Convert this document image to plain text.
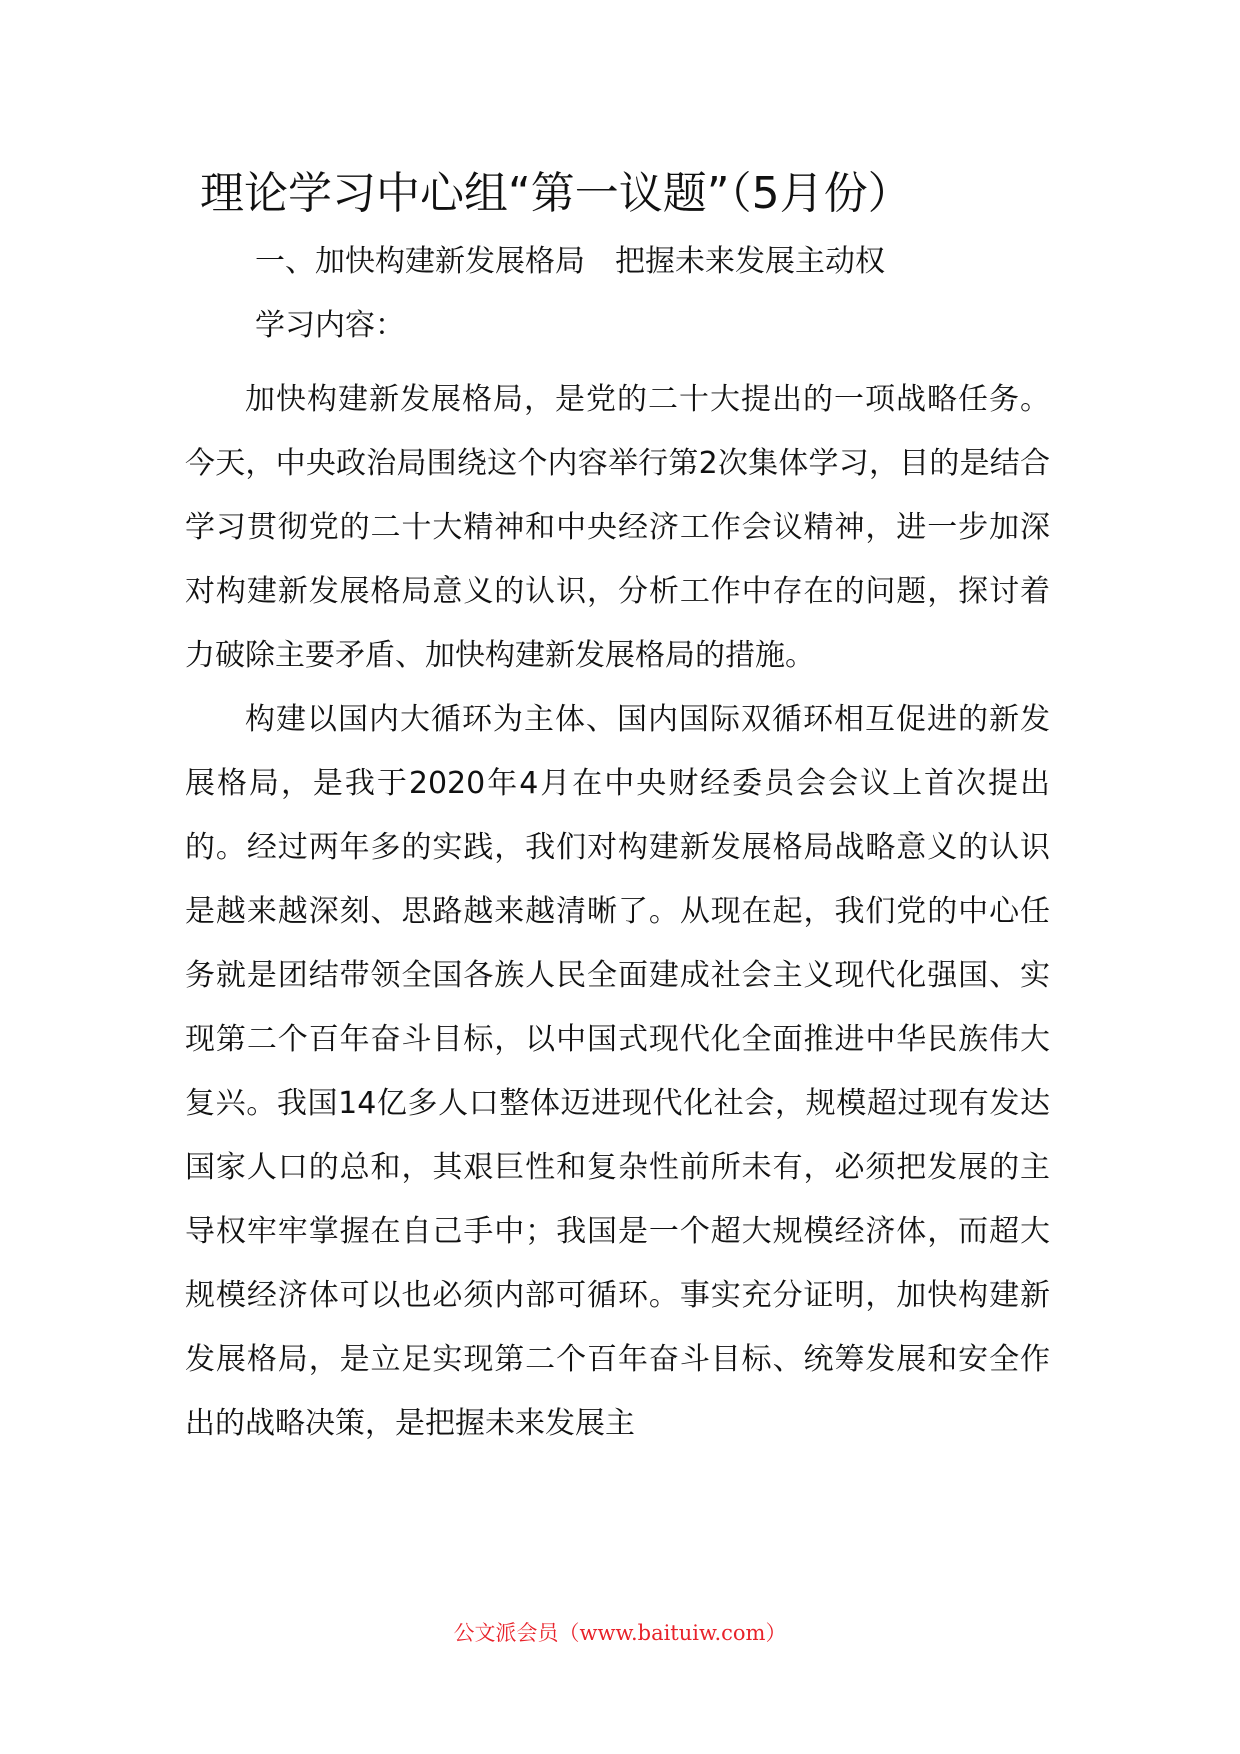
理论学习中心组“第一议题”（5月份）
一、加快构建新发展格局　把握未来发展主动权
学习内容：

加快构建新发展格局，是党的二十大提出的一项战略任务。今天，中央政治局围绕这个内容举行第2次集体学习，目的是结合学习贯彻党的二十大精神和中央经济工作会议精神，进一步加深对构建新发展格局意义的认识，分析工作中存在的问题，探讨着力破除主要矛盾、加快构建新发展格局的措施。

构建以国内大循环为主体、国内国际双循环相互促进的新发展格局，是我于2020年4月在中央财经委员会会议上首次提出的。经过两年多的实践，我们对构建新发展格局战略意义的认识是越来越深刻、思路越来越清晰了。从现在起，我们党的中心任务就是团结带领全国各族人民全面建成社会主义现代化强国、实现第二个百年奋斗目标，以中国式现代化全面推进中华民族伟大复兴。我国14亿多人口整体迈进现代化社会，规模超过现有发达国家人口的总和，其艰巨性和复杂性前所未有，必须把发展的主导权牢牢掌握在自己手中；我国是一个超大规模经济体，而超大规模经济体可以也必须内部可循环。事实充分证明，加快构建新发展格局，是立足实现第二个百年奋斗目标、统筹发展和安全作出的战略决策，是把握未来发展主

公文派会员（www.baituiw.com）
